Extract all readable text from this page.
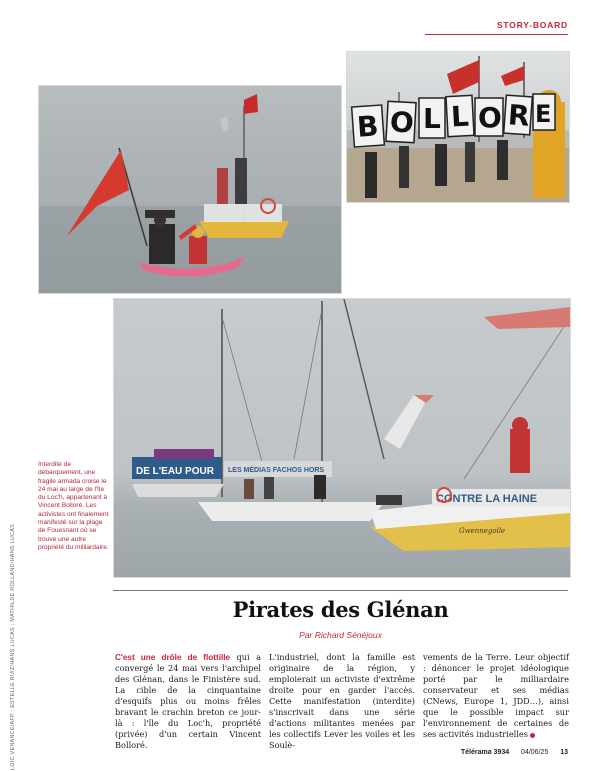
STORY-BOARD
B O L L O R E
DE L'EAU POUR LES MÉDIAS FACHOS HORS
CONTRE LA HAINE
Gwennegolle
Interdite de débarquement, une fragile armada croise le 24 mai au large de l'île du Loc'h, appartenant à Vincent Bolloré. Les activistes ont finalement manifesté sur la plage de Fouesnant où se trouve une autre propriété du milliardaire.
LOIC VENANCE/AFP ; ESTELLE RUIZ/HANS LUCAS ; MATHILDE ROLLAND/HANS LUCAS	Pirates des Glénan
Par Richard Sénéjoux
C'est une drôle de flottille qui a convergé le 24 mai vers l'archipel des Glénan, dans le Finistère sud. La cible de la cinquantaine d'esquifs plus ou moins frêles bravant le crachin breton ce jour-là : l'île du Loc'h, propriété (privée) d'un certain Vincent Bolloré.
L'industriel, dont la famille est originaire de la région, y emploierait un activiste d'extrême droite pour en garder l'accès. Cette manifestation (interdite) s'inscrivait dans une série d'actions militantes menées par les collectifs Lever les voiles et les Soulè-
vements de la Terre. Leur objectif : dénoncer le projet idéologique porté par le milliardaire conservateur et ses médias (CNews, Europe 1, JDD…), ainsi que le possible impact sur l'environnement de certaines de ses activités industrielles
Télérama 3934 04/06/25 13
